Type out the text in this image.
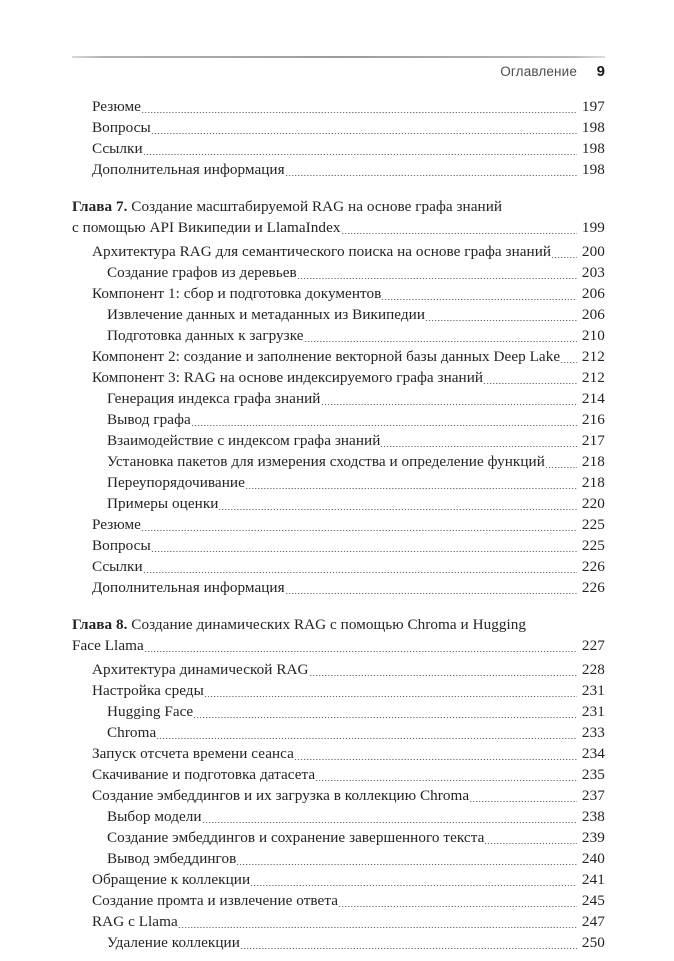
Оглавление 9
Резюме	197
Вопросы	198
Ссылки	198
Дополнительная информация	198
Глава 7. Создание масштабируемой RAG на основе графа знаний
с помощью API Википедии и LlamaIndex	199
Архитектура RAG для семантического поиска на основе графа знаний	200
Создание графов из деревьев	203
Компонент 1: сбор и подготовка документов	206
Извлечение данных и метаданных из Википедии	206
Подготовка данных к загрузке	210
Компонент 2: создание и заполнение векторной базы данных Deep Lake	212
Компонент 3: RAG на основе индексируемого графа знаний	212
Генерация индекса графа знаний	214
Вывод графа	216
Взаимодействие с индексом графа знаний	217
Установка пакетов для измерения сходства и определение функций	218
Переупорядочивание	218
Примеры оценки	220
Резюме	225
Вопросы	225
Ссылки	226
Дополнительная информация	226
Глава 8. Создание динамических RAG с помощью Chroma и Hugging
Face Llama	227
Архитектура динамической RAG	228
Настройка среды	231
Hugging Face	231
Chroma	233
Запуск отсчета времени сеанса	234
Скачивание и подготовка датасета	235
Создание эмбеддингов и их загрузка в коллекцию Chroma	237
Выбор модели	238
Создание эмбеддингов и сохранение завершенного текста	239
Вывод эмбеддингов	240
Обращение к коллекции	241
Создание промта и извлечение ответа	245
RAG с Llama	247
Удаление коллекции	250
